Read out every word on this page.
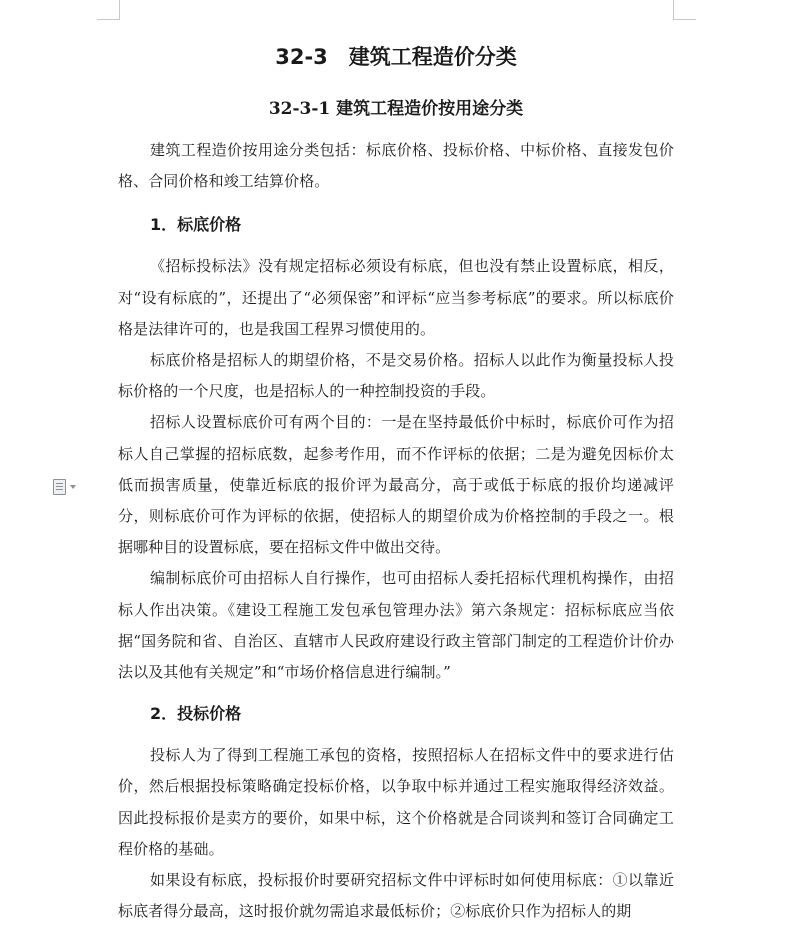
32-3　建筑工程造价分类
32-3-1 建筑工程造价按用途分类

建筑工程造价按用途分类包括：标底价格、投标价格、中标价格、直接发包价格、合同价格和竣工结算价格。

1．标底价格

《招标投标法》没有规定招标必须设有标底，但也没有禁止设置标底，相反，对“设有标底的”，还提出了“必须保密”和评标“应当参考标底”的要求。所以标底价格是法律许可的，也是我国工程界习惯使用的。

标底价格是招标人的期望价格，不是交易价格。招标人以此作为衡量投标人投标价格的一个尺度，也是招标人的一种控制投资的手段。

招标人设置标底价可有两个目的：一是在坚持最低价中标时，标底价可作为招标人自己掌握的招标底数，起参考作用，而不作评标的依据；二是为避免因标价太低而损害质量，使靠近标底的报价评为最高分，高于或低于标底的报价均递减评分，则标底价可作为评标的依据，使招标人的期望价成为价格控制的手段之一。根据哪种目的设置标底，要在招标文件中做出交待。

编制标底价可由招标人自行操作，也可由招标人委托招标代理机构操作，由招标人作出决策。《建设工程施工发包承包管理办法》第六条规定：招标标底应当依据“国务院和省、自治区、直辖市人民政府建设行政主管部门制定的工程造价计价办法以及其他有关规定”和“市场价格信息进行编制。”

2．投标价格

投标人为了得到工程施工承包的资格，按照招标人在招标文件中的要求进行估价，然后根据投标策略确定投标价格，以争取中标并通过工程实施取得经济效益。因此投标报价是卖方的要价，如果中标，这个价格就是合同谈判和签订合同确定工程价格的基础。

如果设有标底，投标报价时要研究招标文件中评标时如何使用标底：①以靠近标底者得分最高，这时报价就勿需追求最低标价；②标底价只作为招标人的期
